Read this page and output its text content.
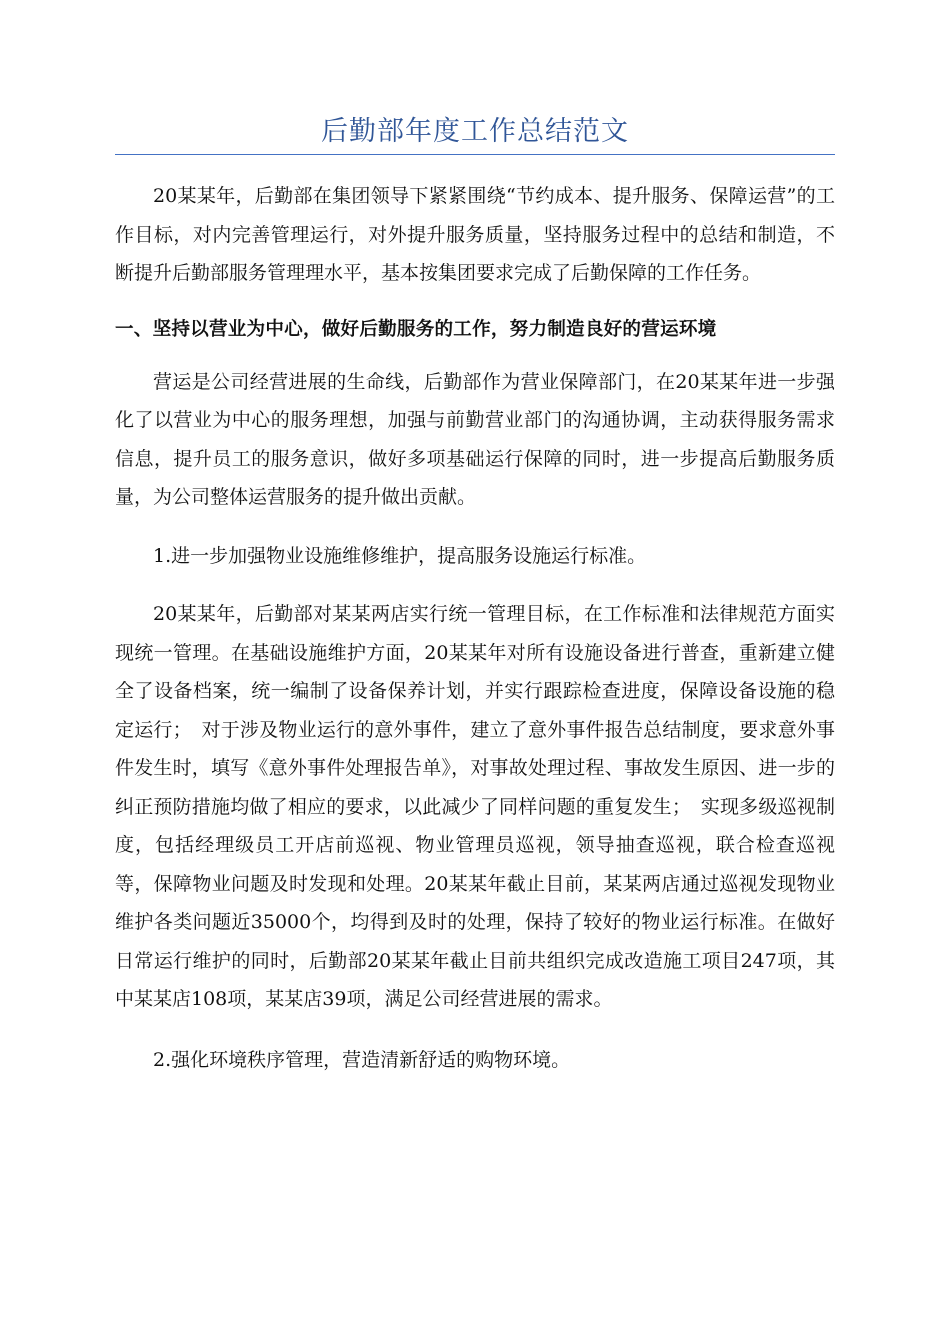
后勤部年度工作总结范文

20某某年，后勤部在集团领导下紧紧围绕“节约成本、提升服务、保障运营”的工作目标，对内完善管理运行，对外提升服务质量，坚持服务过程中的总结和制造，不断提升后勤部服务管理理水平，基本按集团要求完成了后勤保障的工作任务。

一、坚持以营业为中心，做好后勤服务的工作，努力制造良好的营运环境

营运是公司经营进展的生命线，后勤部作为营业保障部门，在20某某年进一步强化了以营业为中心的服务理想，加强与前勤营业部门的沟通协调，主动获得服务需求信息，提升员工的服务意识，做好多项基础运行保障的同时，进一步提高后勤服务质量，为公司整体运营服务的提升做出贡献。

1.进一步加强物业设施维修维护，提高服务设施运行标准。

20某某年，后勤部对某某两店实行统一管理目标，在工作标准和法律规范方面实现统一管理。在基础设施维护方面，20某某年对所有设施设备进行普查，重新建立健全了设备档案，统一编制了设备保养计划，并实行跟踪检查进度，保障设备设施的稳定运行；　对于涉及物业运行的意外事件，建立了意外事件报告总结制度，要求意外事件发生时，填写《意外事件处理报告单》，对事故处理过程、事故发生原因、进一步的纠正预防措施均做了相应的要求，以此减少了同样问题的重复发生；　实现多级巡视制度，包括经理级员工开店前巡视、物业管理员巡视，领导抽查巡视，联合检查巡视等，保障物业问题及时发现和处理。20某某年截止目前，某某两店通过巡视发现物业维护各类问题近35000个，均得到及时的处理，保持了较好的物业运行标准。在做好日常运行维护的同时，后勤部20某某年截止目前共组织完成改造施工项目247项，其中某某店108项，某某店39项，满足公司经营进展的需求。

2.强化环境秩序管理，营造清新舒适的购物环境。
